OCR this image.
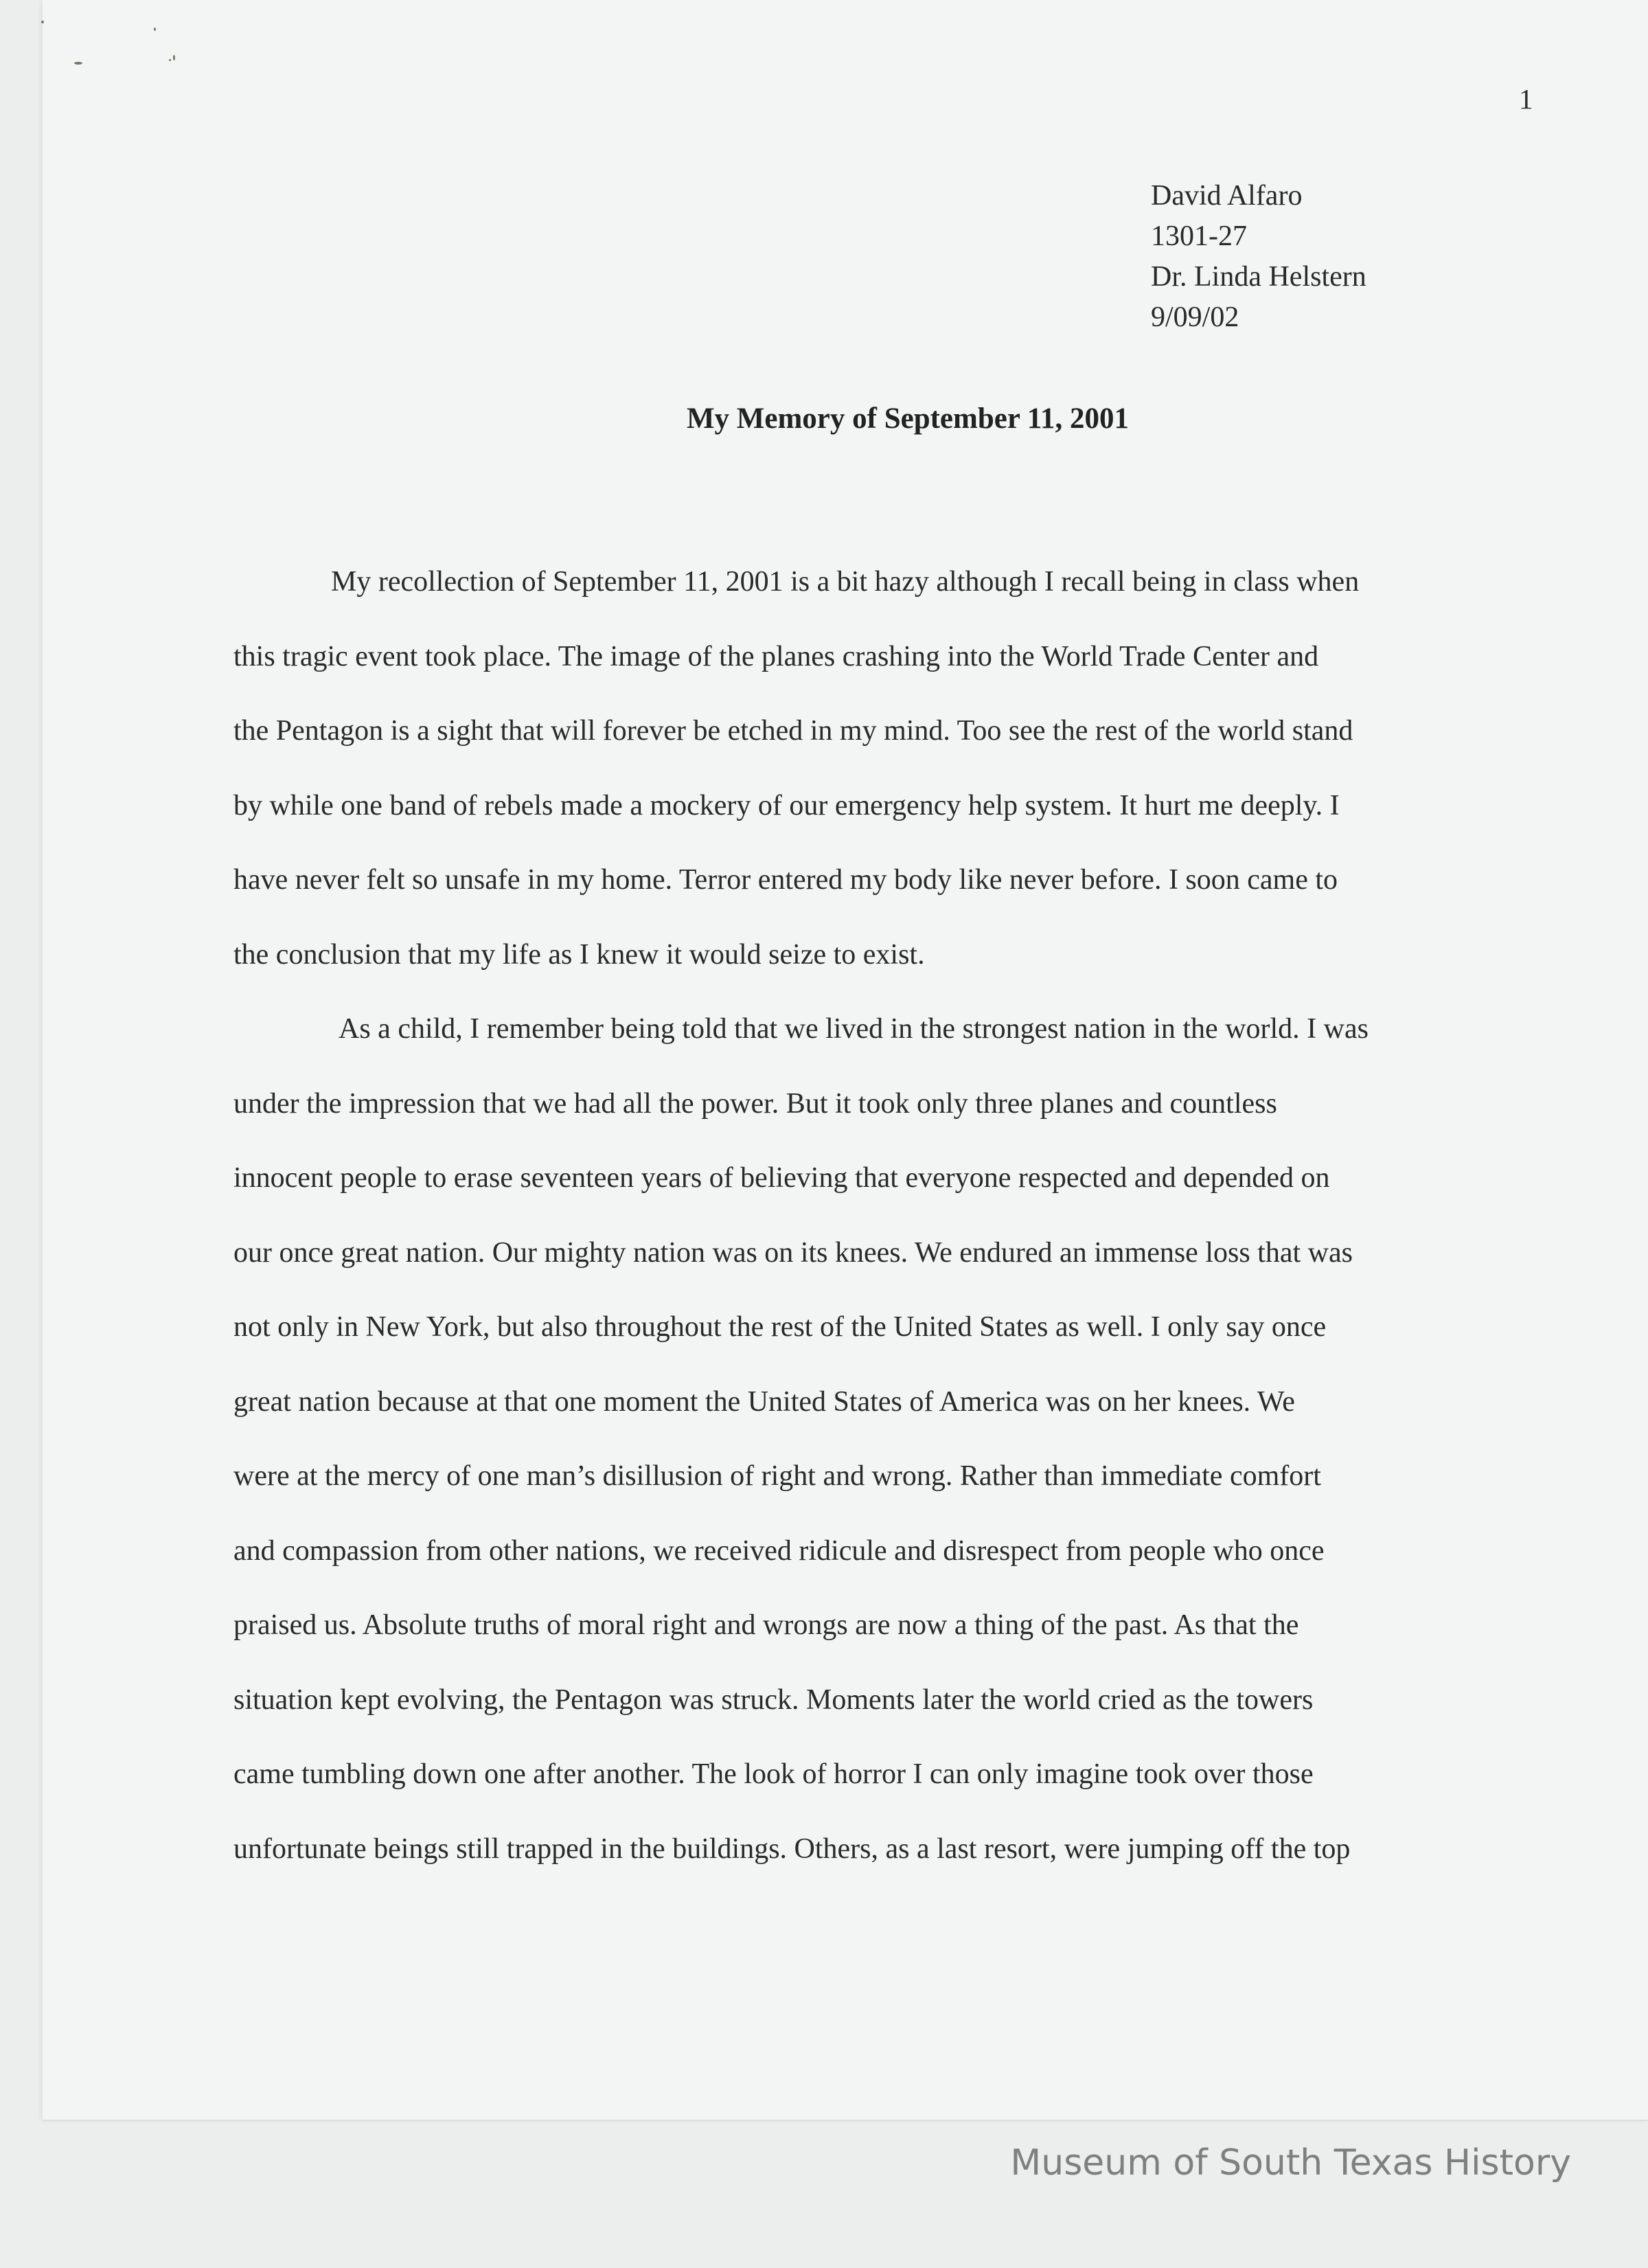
1
David Alfaro
1301-27
Dr. Linda Helstern
9/09/02
My Memory of September 11, 2001
My recollection of September 11, 2001 is a bit hazy although I recall being in class when
this tragic event took place. The image of the planes crashing into the World Trade Center and
the Pentagon is a sight that will forever be etched in my mind. Too see the rest of the world stand
by while one band of rebels made a mockery of our emergency help system. It hurt me deeply. I
have never felt so unsafe in my home. Terror entered my body like never before. I soon came to
the conclusion that my life as I knew it would seize to exist.
As a child, I remember being told that we lived in the strongest nation in the world. I was
under the impression that we had all the power. But it took only three planes and countless
innocent people to erase seventeen years of believing that everyone respected and depended on
our once great nation. Our mighty nation was on its knees. We endured an immense loss that was
not only in New York, but also throughout the rest of the United States as well. I only say once
great nation because at that one moment the United States of America was on her knees. We
were at the mercy of one man’s disillusion of right and wrong. Rather than immediate comfort
and compassion from other nations, we received ridicule and disrespect from people who once
praised us. Absolute truths of moral right and wrongs are now a thing of the past. As that the
situation kept evolving, the Pentagon was struck. Moments later the world cried as the towers
came tumbling down one after another. The look of horror I can only imagine took over those
unfortunate beings still trapped in the buildings. Others, as a last resort, were jumping off the top
Museum of South Texas History
